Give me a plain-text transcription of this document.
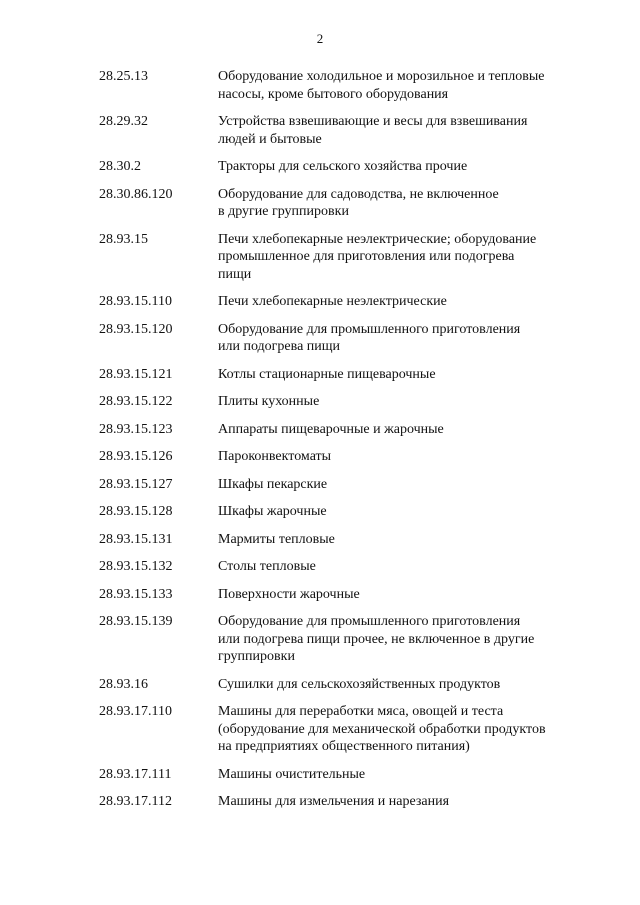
2
28.25.13	Оборудование холодильное и морозильное и тепловые
насосы, кроме бытового оборудования
28.29.32	Устройства взвешивающие и весы для взвешивания
людей и бытовые
28.30.2	Тракторы для сельского хозяйства прочие
28.30.86.120	Оборудование для садоводства, не включенное
в другие группировки
28.93.15	Печи хлебопекарные неэлектрические; оборудование
промышленное для приготовления или подогрева
пищи
28.93.15.110	Печи хлебопекарные неэлектрические
28.93.15.120	Оборудование для промышленного приготовления
или подогрева пищи
28.93.15.121	Котлы стационарные пищеварочные
28.93.15.122	Плиты кухонные
28.93.15.123	Аппараты пищеварочные и жарочные
28.93.15.126	Пароконвектоматы
28.93.15.127	Шкафы пекарские
28.93.15.128	Шкафы жарочные
28.93.15.131	Мармиты тепловые
28.93.15.132	Столы тепловые
28.93.15.133	Поверхности жарочные
28.93.15.139	Оборудование для промышленного приготовления
или подогрева пищи прочее, не включенное в другие
группировки
28.93.16	Сушилки для сельскохозяйственных продуктов
28.93.17.110	Машины для переработки мяса, овощей и теста
(оборудование для механической обработки продуктов
на предприятиях общественного питания)
28.93.17.111	Машины очистительные
28.93.17.112	Машины для измельчения и нарезания
